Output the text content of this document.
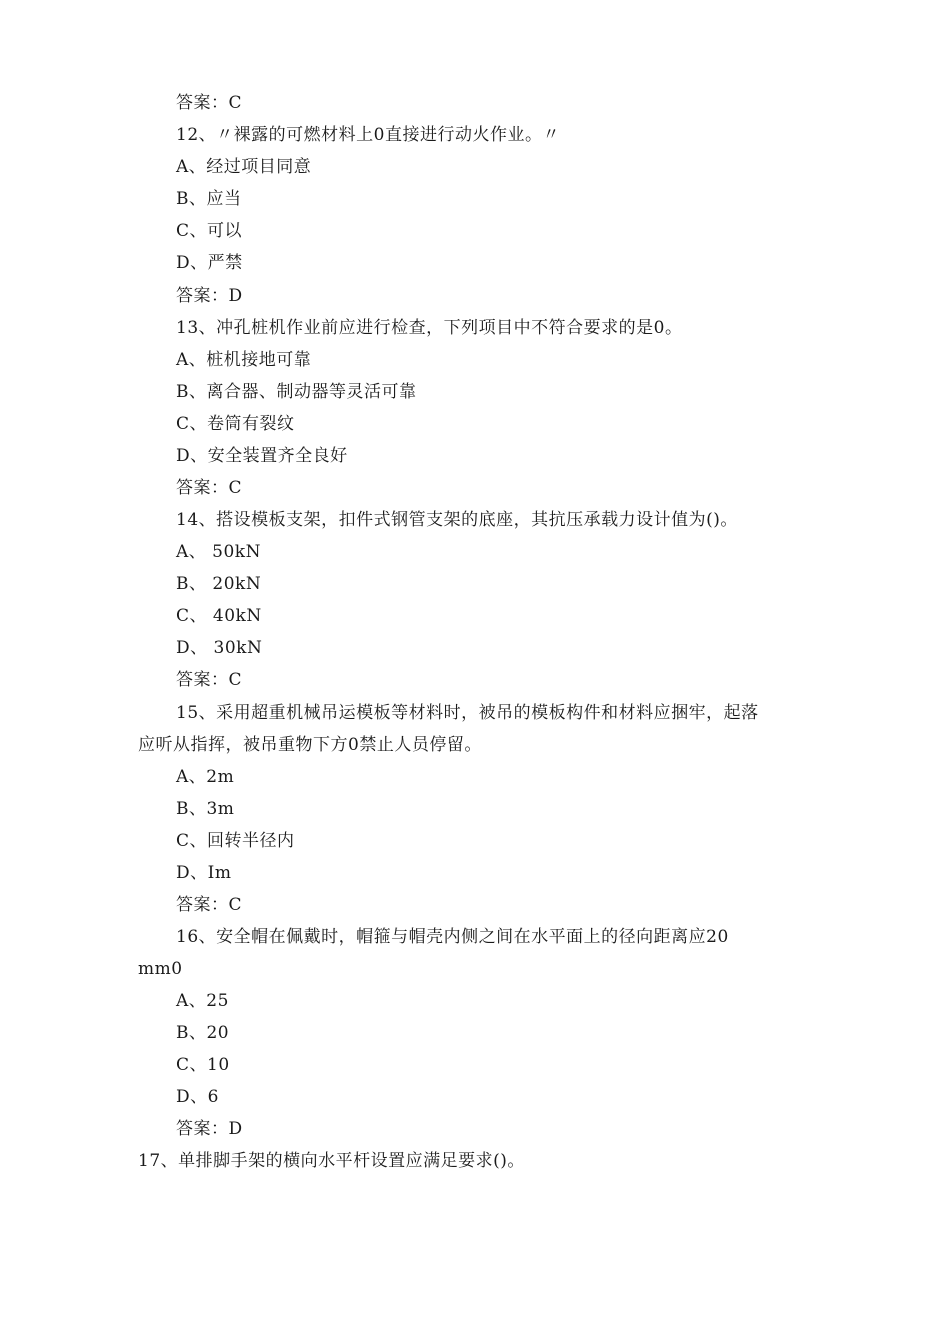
答案：C
12、〃裸露的可燃材料上0直接进行动火作业。〃
A、经过项目同意
B、应当
C、可以
D、严禁
答案：D
13、冲孔桩机作业前应进行检查，下列项目中不符合要求的是0。
A、桩机接地可靠
B、离合器、制动器等灵活可靠
C、卷筒有裂纹
D、安全装置齐全良好
答案：C
14、搭设模板支架，扣件式钢管支架的底座，其抗压承载力设计值为()。
A、 50kN
B、 20kN
C、 40kN
D、 30kN
答案：C
15、采用超重机械吊运模板等材料时，被吊的模板构件和材料应捆牢，起落
应听从指挥，被吊重物下方0禁止人员停留。
A、2m
B、3m
C、回转半径内
D、Im
答案：C
16、安全帽在佩戴时，帽箍与帽壳内侧之间在水平面上的径向距离应20
mm0
A、25
B、20
C、10
D、6
答案：D
17、单排脚手架的横向水平杆设置应满足要求()。
